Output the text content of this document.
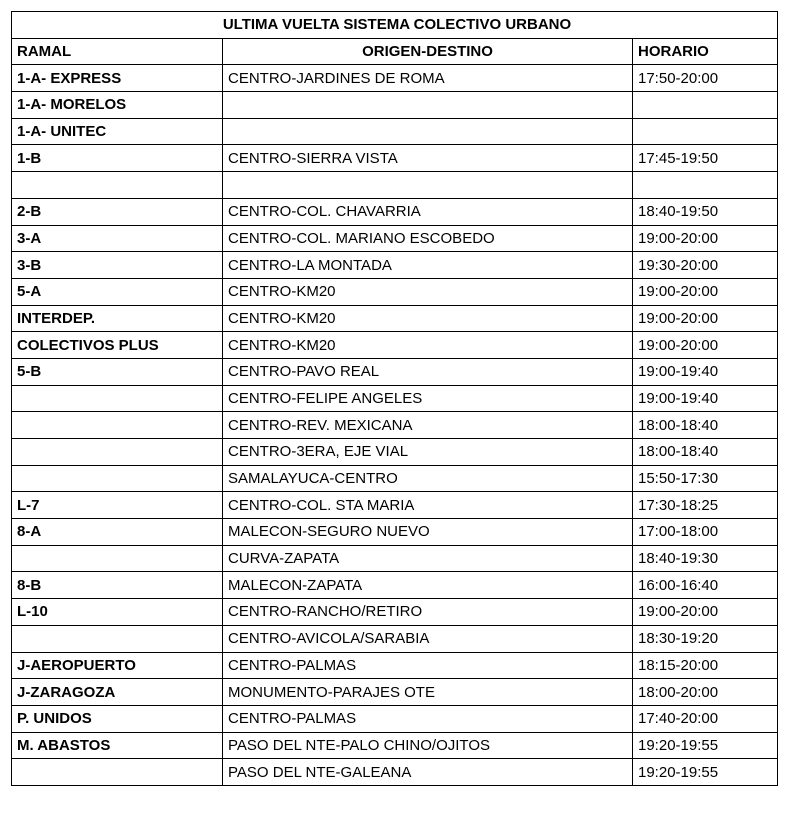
ULTIMA VUELTA SISTEMA COLECTIVO URBANO		
RAMAL	ORIGEN-DESTINO	HORARIO
1-A- EXPRESS	CENTRO-JARDINES DE ROMA	17:50-20:00
1-A- MORELOS		
1-A- UNITEC		
1-B	CENTRO-SIERRA VISTA	17:45-19:50

2-B	CENTRO-COL. CHAVARRIA	18:40-19:50
3-A	CENTRO-COL. MARIANO ESCOBEDO	19:00-20:00
3-B	CENTRO-LA MONTADA	19:30-20:00
5-A	CENTRO-KM20	19:00-20:00
INTERDEP.	CENTRO-KM20	19:00-20:00
COLECTIVOS PLUS	CENTRO-KM20	19:00-20:00
5-B	CENTRO-PAVO REAL	19:00-19:40
	CENTRO-FELIPE ANGELES	19:00-19:40
	CENTRO-REV. MEXICANA	18:00-18:40
	CENTRO-3ERA, EJE VIAL	18:00-18:40
	SAMALAYUCA-CENTRO	15:50-17:30
L-7	CENTRO-COL. STA MARIA	17:30-18:25
8-A	MALECON-SEGURO NUEVO	17:00-18:00
	CURVA-ZAPATA	18:40-19:30
8-B	MALECON-ZAPATA	16:00-16:40
L-10	CENTRO-RANCHO/RETIRO	19:00-20:00
	CENTRO-AVICOLA/SARABIA	18:30-19:20
J-AEROPUERTO	CENTRO-PALMAS	18:15-20:00
J-ZARAGOZA	MONUMENTO-PARAJES OTE	18:00-20:00
P. UNIDOS	CENTRO-PALMAS	17:40-20:00
M. ABASTOS	PASO DEL NTE-PALO CHINO/OJITOS	19:20-19:55
	PASO DEL NTE-GALEANA	19:20-19:55
